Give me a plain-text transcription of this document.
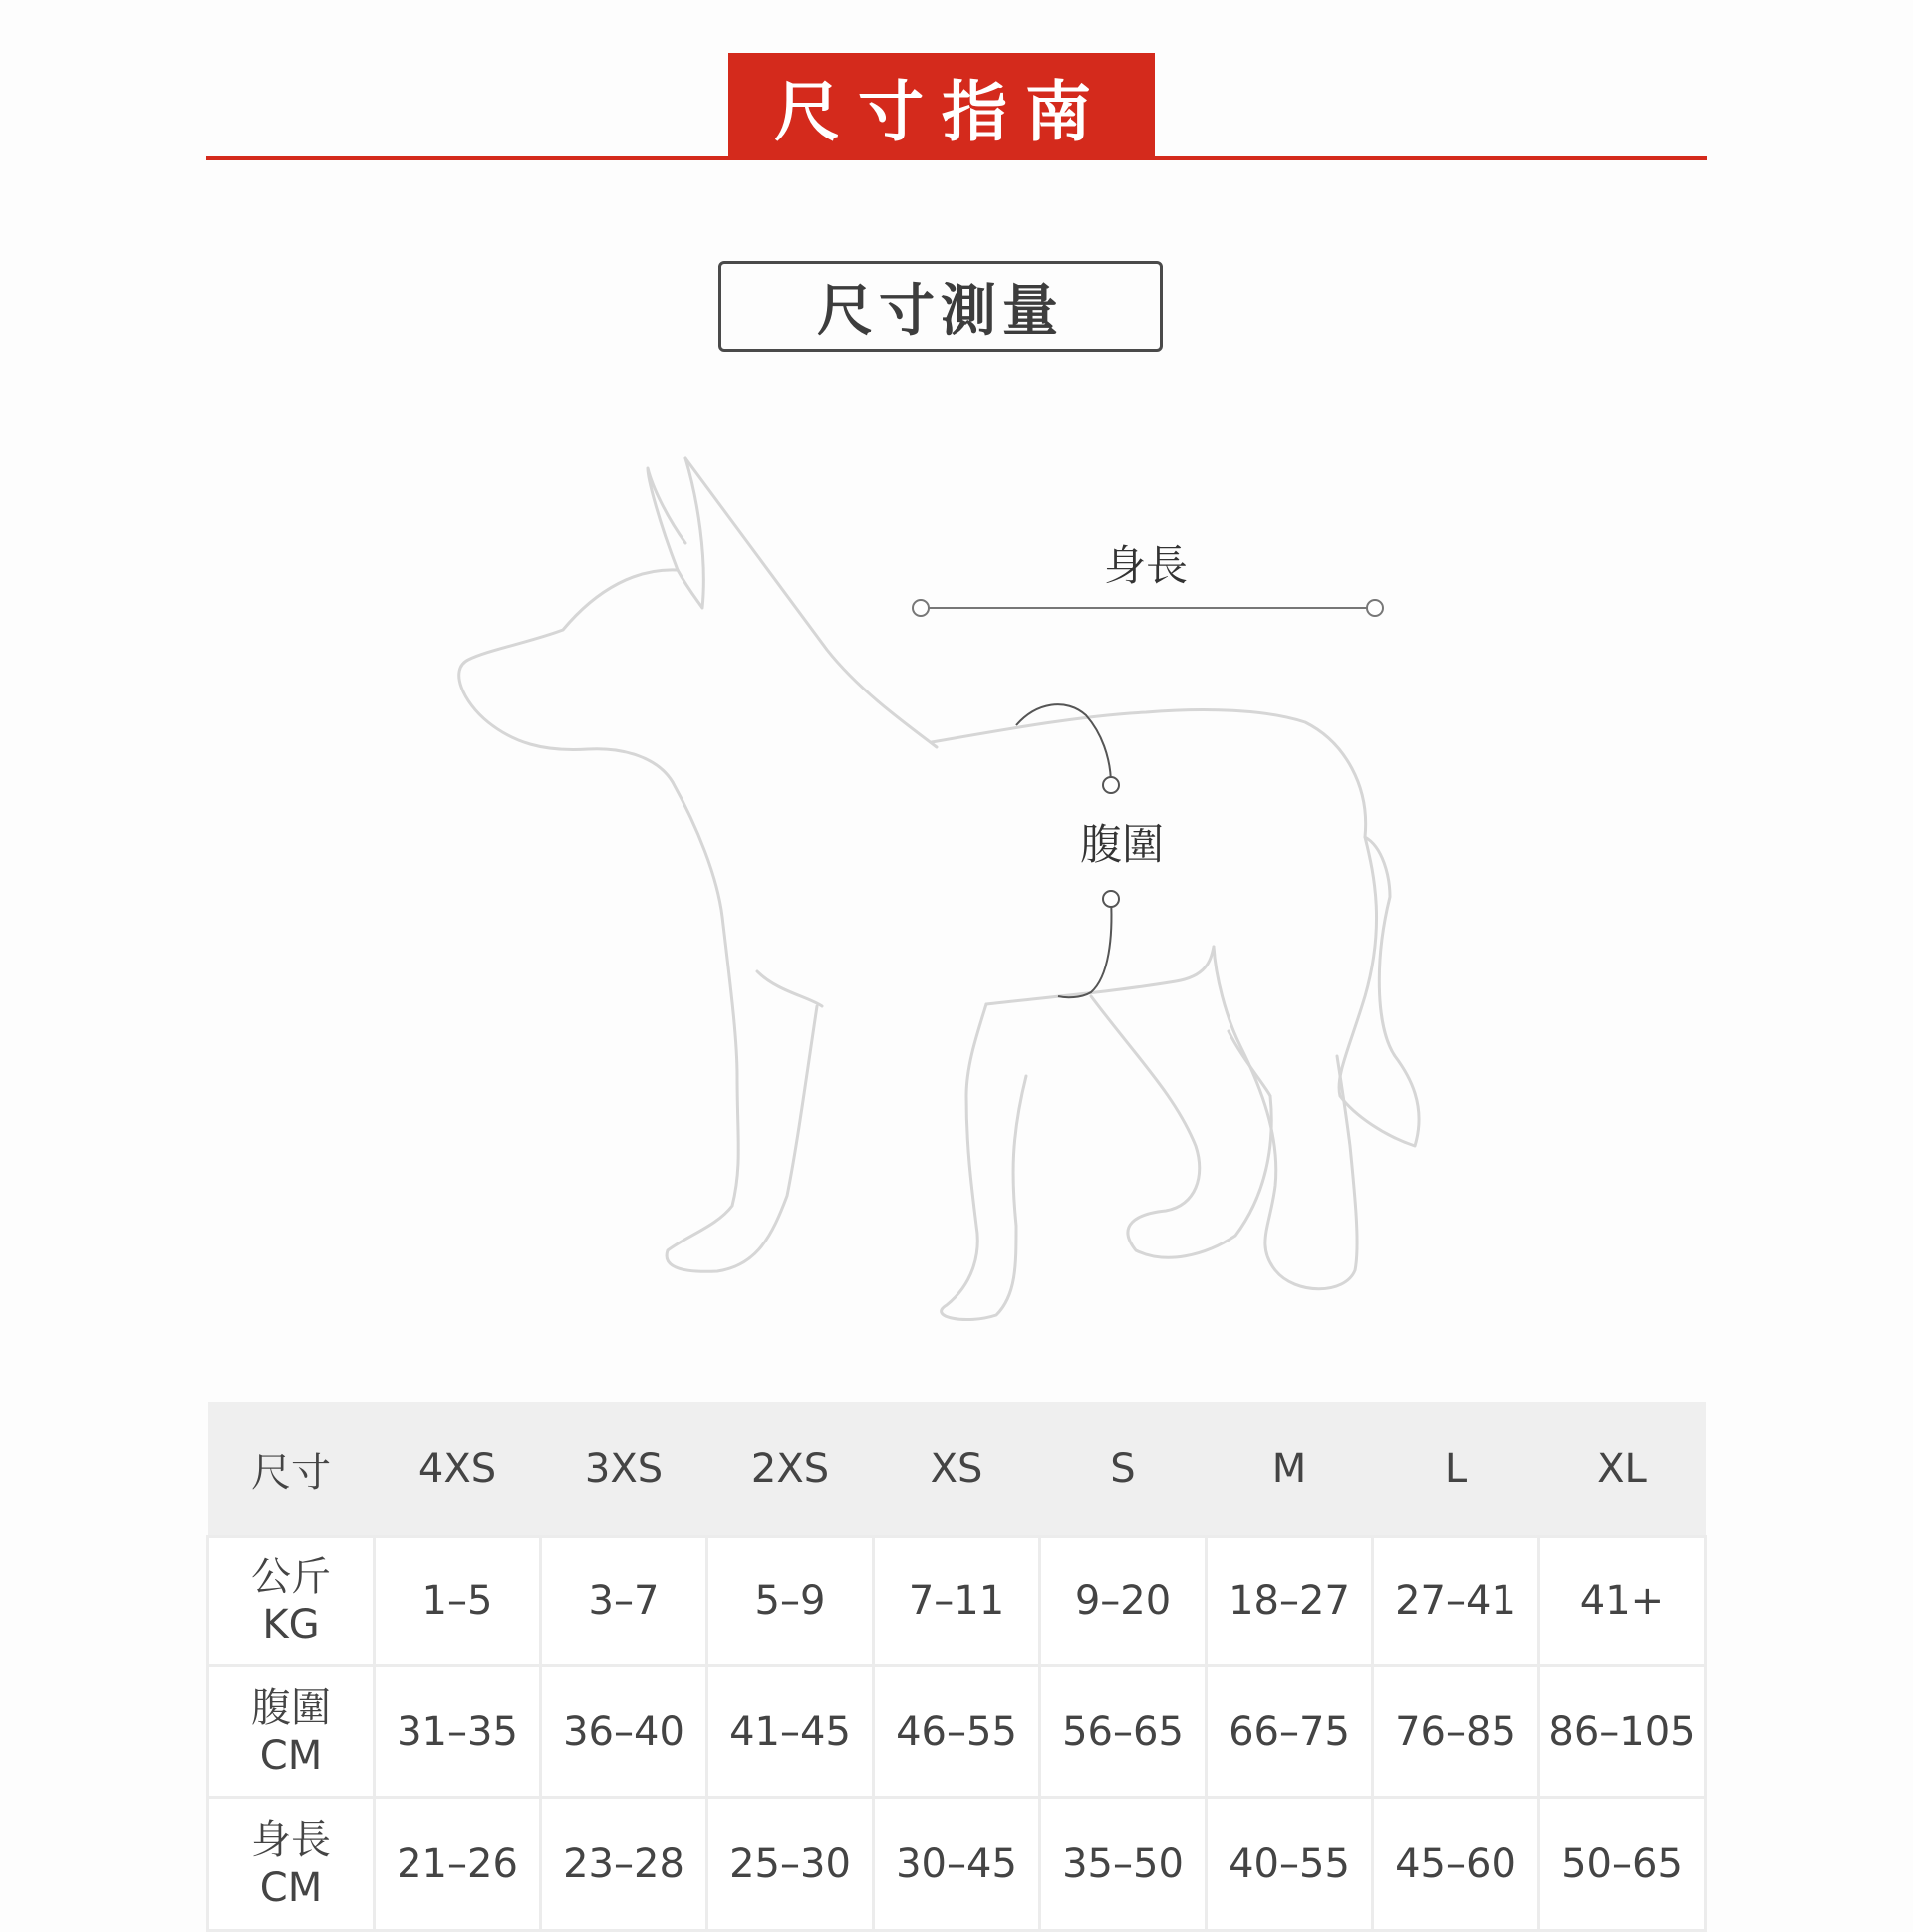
尺寸指南
尺寸測量
身長
腹圍
尺寸	4XS	3XS	2XS	XS	S	M	L	XL

公斤
KG	1–5	3–7	5–9	7–11	9–20	18–27	27–41	41+

腹圍
CM	31–35	36–40	41–45	46–55	56–65	66–75	76–85	86–105

身長
CM	21–26	23–28	25–30	30–45	35–50	40–55	45–60	50–65
